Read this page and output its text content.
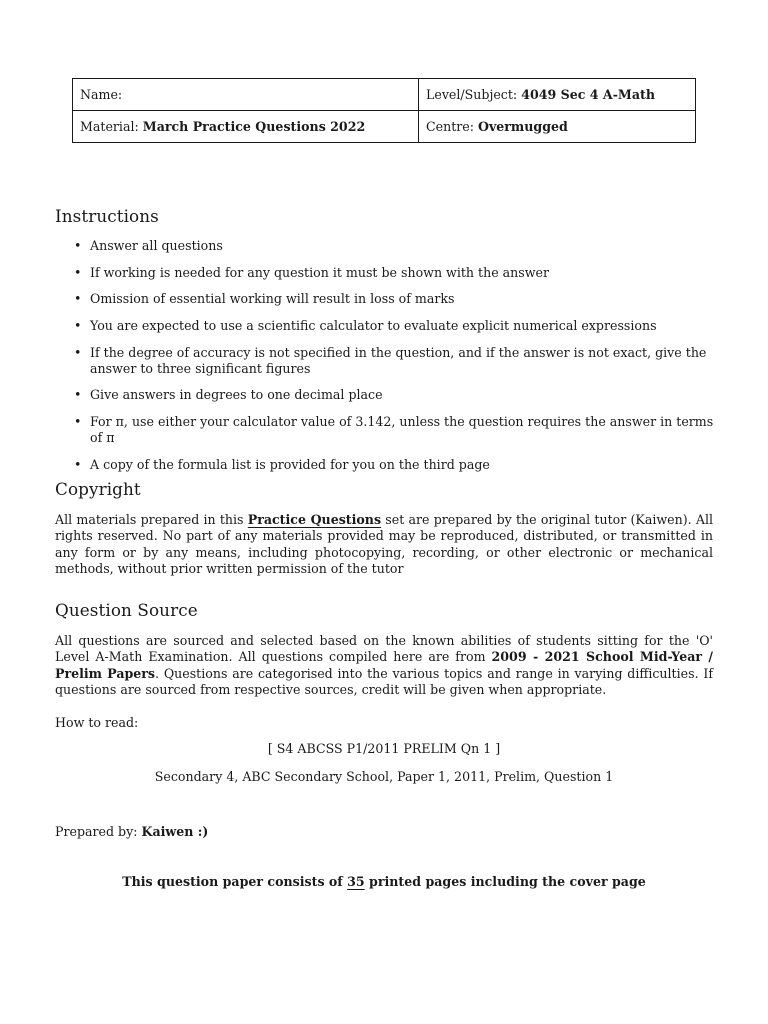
Name:	Level/Subject: 4049 Sec 4 A-Math
Material: March Practice Questions 2022	Centre: Overmugged
Instructions
• Answer all questions
• If working is needed for any question it must be shown with the answer
• Omission of essential working will result in loss of marks
• You are expected to use a scientific calculator to evaluate explicit numerical expressions
• If the degree of accuracy is not specified in the question, and if the answer is not exact, give the answer to three significant figures
• Give answers in degrees to one decimal place
• For π, use either your calculator value of 3.142, unless the question requires the answer in terms of π
• A copy of the formula list is provided for you on the third page
Copyright

All materials prepared in this Practice Questions set are prepared by the original tutor (Kaiwen). All rights reserved. No part of any materials provided may be reproduced, distributed, or transmitted in any form or by any means, including photocopying, recording, or other electronic or mechanical methods, without prior written permission of the tutor

Question Source

All questions are sourced and selected based on the known abilities of students sitting for the 'O' Level A-Math Examination. All questions compiled here are from 2009 - 2021 School Mid-Year / Prelim Papers. Questions are categorised into the various topics and range in varying difficulties. If questions are sourced from respective sources, credit will be given when appropriate.

How to read:

[ S4 ABCSS P1/2011 PRELIM Qn 1 ]

Secondary 4, ABC Secondary School, Paper 1, 2011, Prelim, Question 1

Prepared by: Kaiwen :)

This question paper consists of 35 printed pages including the cover page
